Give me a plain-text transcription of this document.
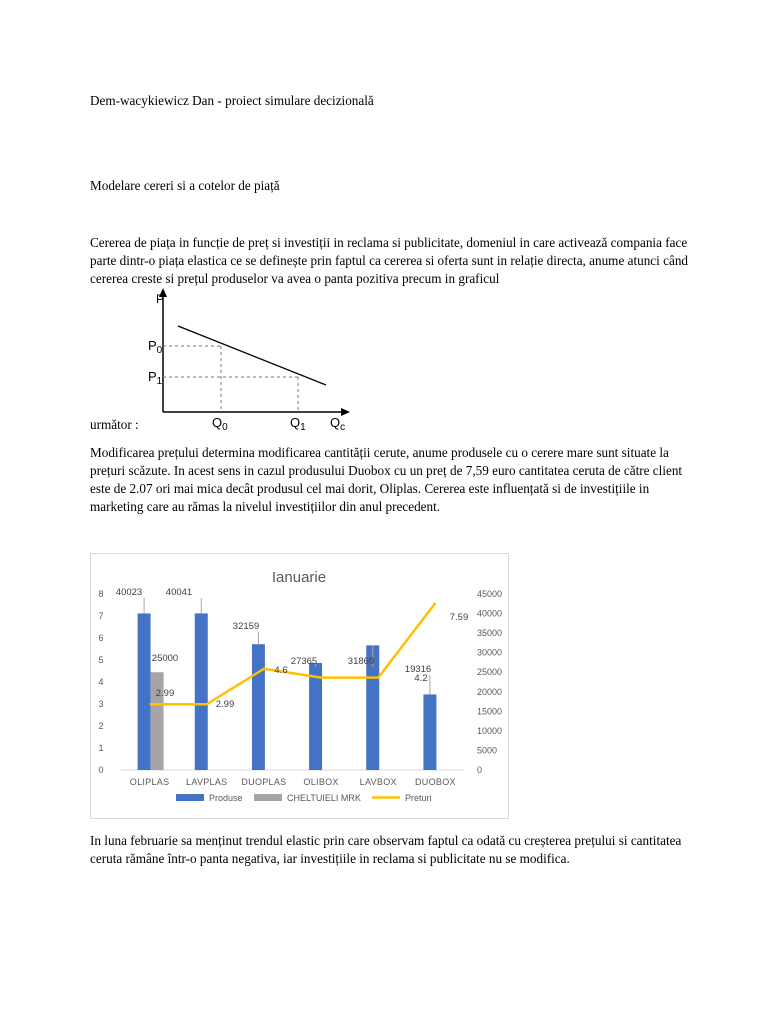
Dem-wacykiewicz Dan - proiect simulare decizională
Modelare cereri si a cotelor de piață

Cererea de piața in funcție de preț si investiții in reclama si publicitate, domeniul in care activează compania face parte dintr-o piața elastica ce se definește prin faptul ca cererea si oferta sunt in relație directa, anume atunci când cererea creste si prețul produselor va avea o panta pozitiva precum in graficul

P
$P_0$
$P_1$
$Q_0$	$Q_1$ $Q_c$
următor :

Modificarea prețului determina modificarea cantității cerute, anume produsele cu o cerere mare sunt situate la prețuri scăzute. In acest sens in cazul produsului Duobox cu un preț de 7,59 euro cantitatea ceruta de către client este de 2.07 ori mai mica decât produsul cel mai dorit, Oliplas. Cererea este influențată si de investițiile in marketing care au rămas la nivelul investițiilor din anul precedent.

Ianuarie
0
1
2
3
4
5
6
7
8
0
5000
10000
15000
20000
25000
30000
35000
40000
45000
40023 40041
32159
27365	31869
19316
25000
2.99
2.99
4.6
4.2
7.59
OLIPLAS LAVPLAS DUOPLAS OLIBOX LAVBOX DUOBOX
Produse	CHELTUIELI MRK	Preturi

In luna februarie sa menținut trendul elastic prin care observam faptul ca odată cu creșterea prețului si cantitatea ceruta rămâne într-o panta negativa, iar investițiile in reclama si publicitate nu se modifica.
